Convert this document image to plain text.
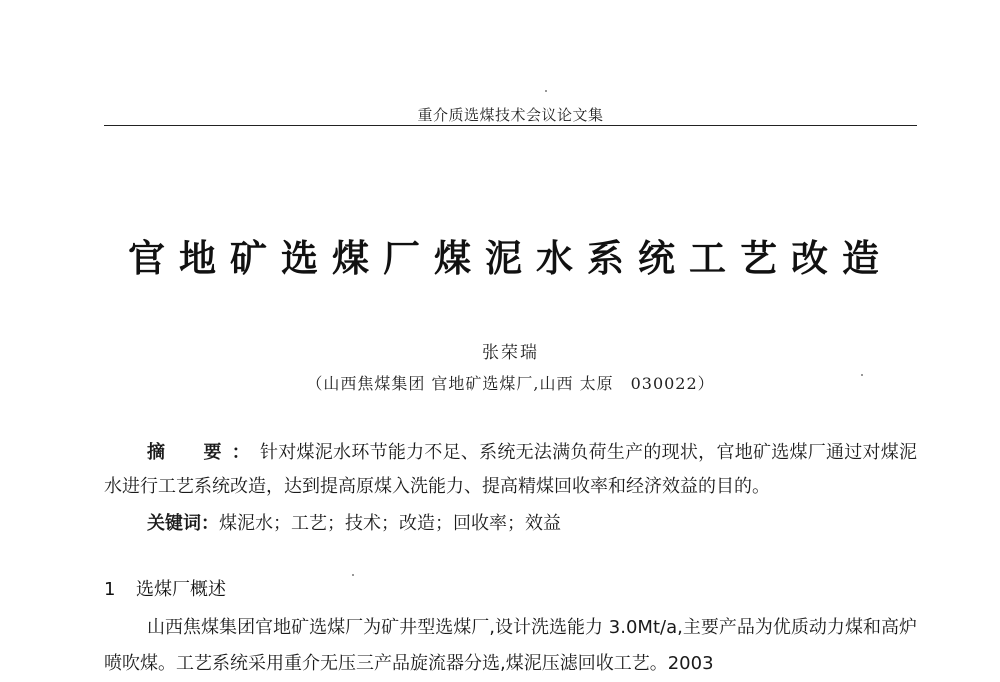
重介质选煤技术会议论文集
官地矿选煤厂煤泥水系统工艺改造
张荣瑞
（山西焦煤集团 官地矿选煤厂,山西 太原　030022）
摘　要：针对煤泥水环节能力不足、系统无法满负荷生产的现状，官地矿选煤厂通过对煤泥水进行工艺系统改造，达到提高原煤入洗能力、提高精煤回收率和经济效益的目的。
关键词：煤泥水；工艺；技术；改造；回收率；效益
1 选煤厂概述
山西焦煤集团官地矿选煤厂为矿井型选煤厂,设计洗选能力 3.0Mt/a,主要产品为优质动力煤和高炉喷吹煤。工艺系统采用重介无压三产品旋流器分选,煤泥压滤回收工艺。2003
